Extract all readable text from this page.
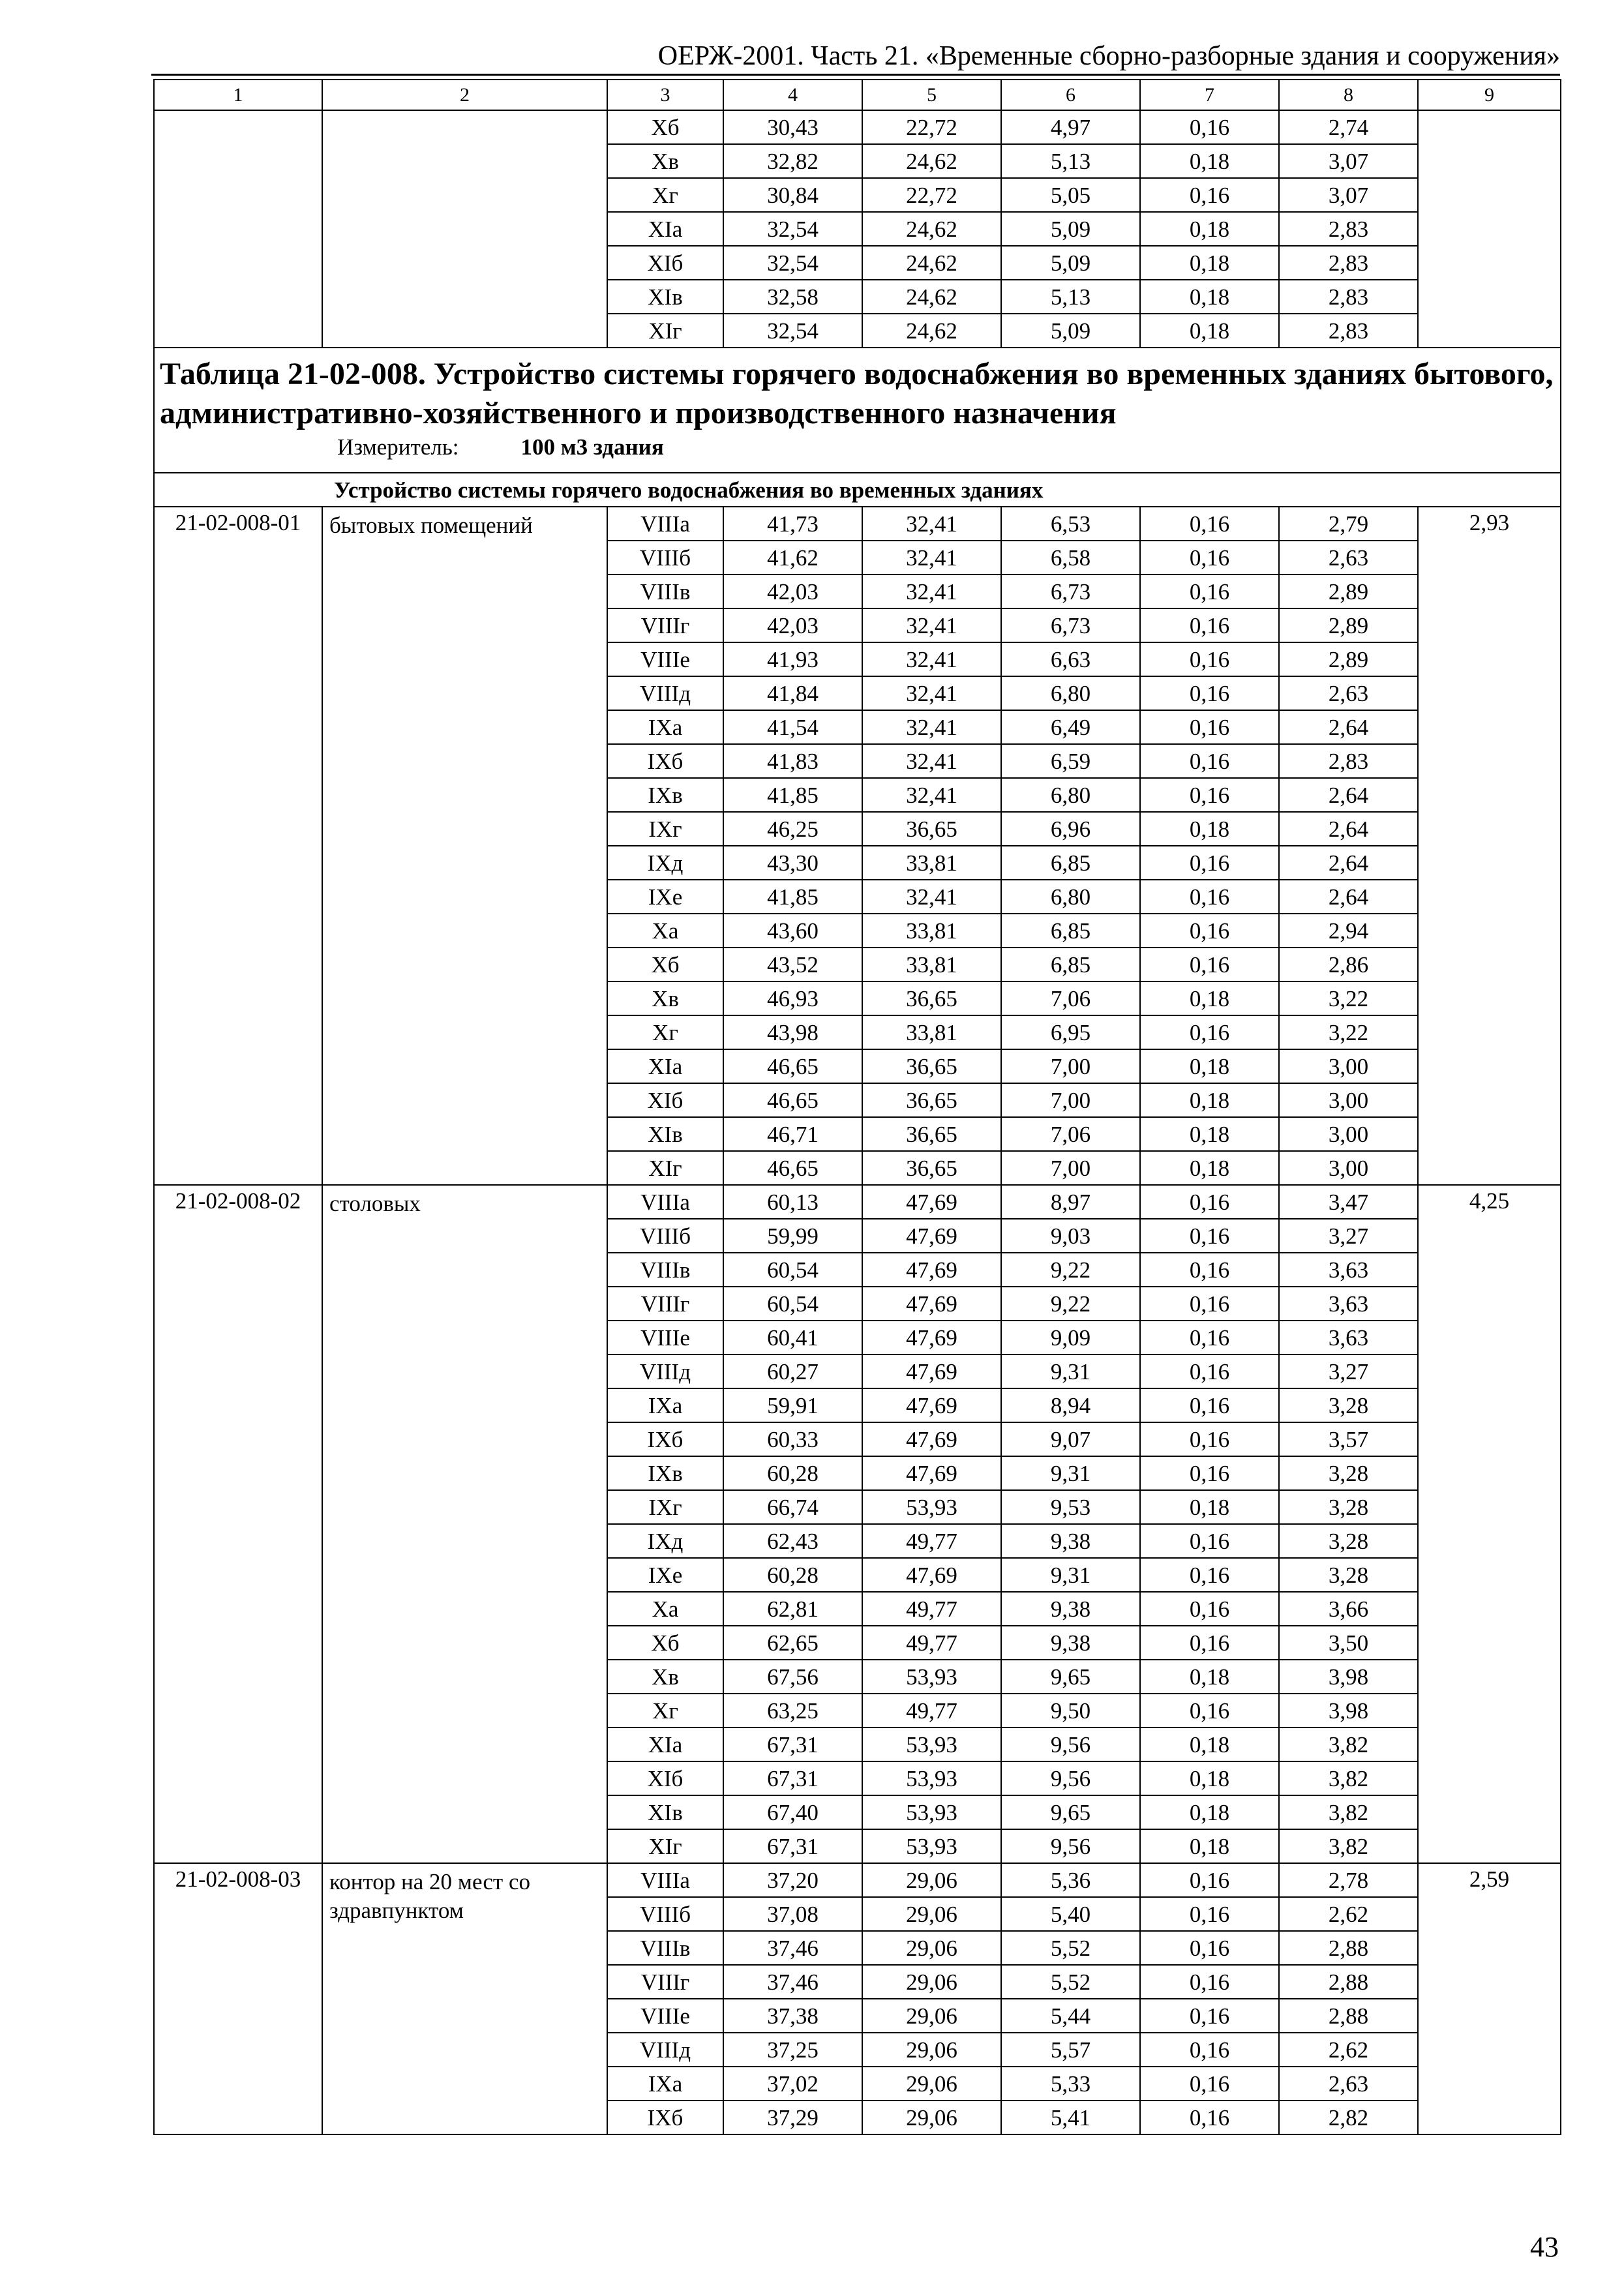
ОЕРЖ-2001. Часть 21. «Временные сборно-разборные здания и сооружения»
1	2	3	4	5	6	7	8	9
		Хб	30,43	22,72	4,97	0,16	2,74	
		Хв	32,82	24,62	5,13	0,18	3,07	
		Хг	30,84	22,72	5,05	0,16	3,07	
		ХIа	32,54	24,62	5,09	0,18	2,83	
		ХIб	32,54	24,62	5,09	0,18	2,83	
		ХIв	32,58	24,62	5,13	0,18	2,83	
		ХIг	32,54	24,62	5,09	0,18	2,83	

Таблица 21-02-008. Устройство системы горячего водоснабжения во временных зданиях бытового, административно-хозяйственного и производственного назначения
Измеритель: 100 м3 здания								

Устройство системы горячего водоснабжения во временных зданиях								
21-02-008-01	бытовых помещений	VIIIа	41,73	32,41	6,53	0,16	2,79	2,93
		VIIIб	41,62	32,41	6,58	0,16	2,63	
		VIIIв	42,03	32,41	6,73	0,16	2,89	
		VIIIг	42,03	32,41	6,73	0,16	2,89	
		VIIIе	41,93	32,41	6,63	0,16	2,89	
		VIIIд	41,84	32,41	6,80	0,16	2,63	
		IХа	41,54	32,41	6,49	0,16	2,64	
		IХб	41,83	32,41	6,59	0,16	2,83	
		IХв	41,85	32,41	6,80	0,16	2,64	
		IХг	46,25	36,65	6,96	0,18	2,64	
		IХд	43,30	33,81	6,85	0,16	2,64	
		IХе	41,85	32,41	6,80	0,16	2,64	
		Ха	43,60	33,81	6,85	0,16	2,94	
		Хб	43,52	33,81	6,85	0,16	2,86	
		Хв	46,93	36,65	7,06	0,18	3,22	
		Хг	43,98	33,81	6,95	0,16	3,22	
		ХIа	46,65	36,65	7,00	0,18	3,00	
		ХIб	46,65	36,65	7,00	0,18	3,00	
		ХIв	46,71	36,65	7,06	0,18	3,00	
		ХIг	46,65	36,65	7,00	0,18	3,00	
21-02-008-02	столовых	VIIIа	60,13	47,69	8,97	0,16	3,47	4,25
		VIIIб	59,99	47,69	9,03	0,16	3,27	
		VIIIв	60,54	47,69	9,22	0,16	3,63	
		VIIIг	60,54	47,69	9,22	0,16	3,63	
		VIIIе	60,41	47,69	9,09	0,16	3,63	
		VIIIд	60,27	47,69	9,31	0,16	3,27	
		IХа	59,91	47,69	8,94	0,16	3,28	
		IХб	60,33	47,69	9,07	0,16	3,57	
		IХв	60,28	47,69	9,31	0,16	3,28	
		IХг	66,74	53,93	9,53	0,18	3,28	
		IХд	62,43	49,77	9,38	0,16	3,28	
		IХе	60,28	47,69	9,31	0,16	3,28	
		Ха	62,81	49,77	9,38	0,16	3,66	
		Хб	62,65	49,77	9,38	0,16	3,50	
		Хв	67,56	53,93	9,65	0,18	3,98	
		Хг	63,25	49,77	9,50	0,16	3,98	
		ХIа	67,31	53,93	9,56	0,18	3,82	
		ХIб	67,31	53,93	9,56	0,18	3,82	
		ХIв	67,40	53,93	9,65	0,18	3,82	
		ХIг	67,31	53,93	9,56	0,18	3,82	
21-02-008-03	контор на 20 мест со здравпунктом	VIIIа	37,20	29,06	5,36	0,16	2,78	2,59
		VIIIб	37,08	29,06	5,40	0,16	2,62	
		VIIIв	37,46	29,06	5,52	0,16	2,88	
		VIIIг	37,46	29,06	5,52	0,16	2,88	
		VIIIе	37,38	29,06	5,44	0,16	2,88	
		VIIIд	37,25	29,06	5,57	0,16	2,62	
		IХа	37,02	29,06	5,33	0,16	2,63	
		IХб	37,29	29,06	5,41	0,16	2,82	
43
